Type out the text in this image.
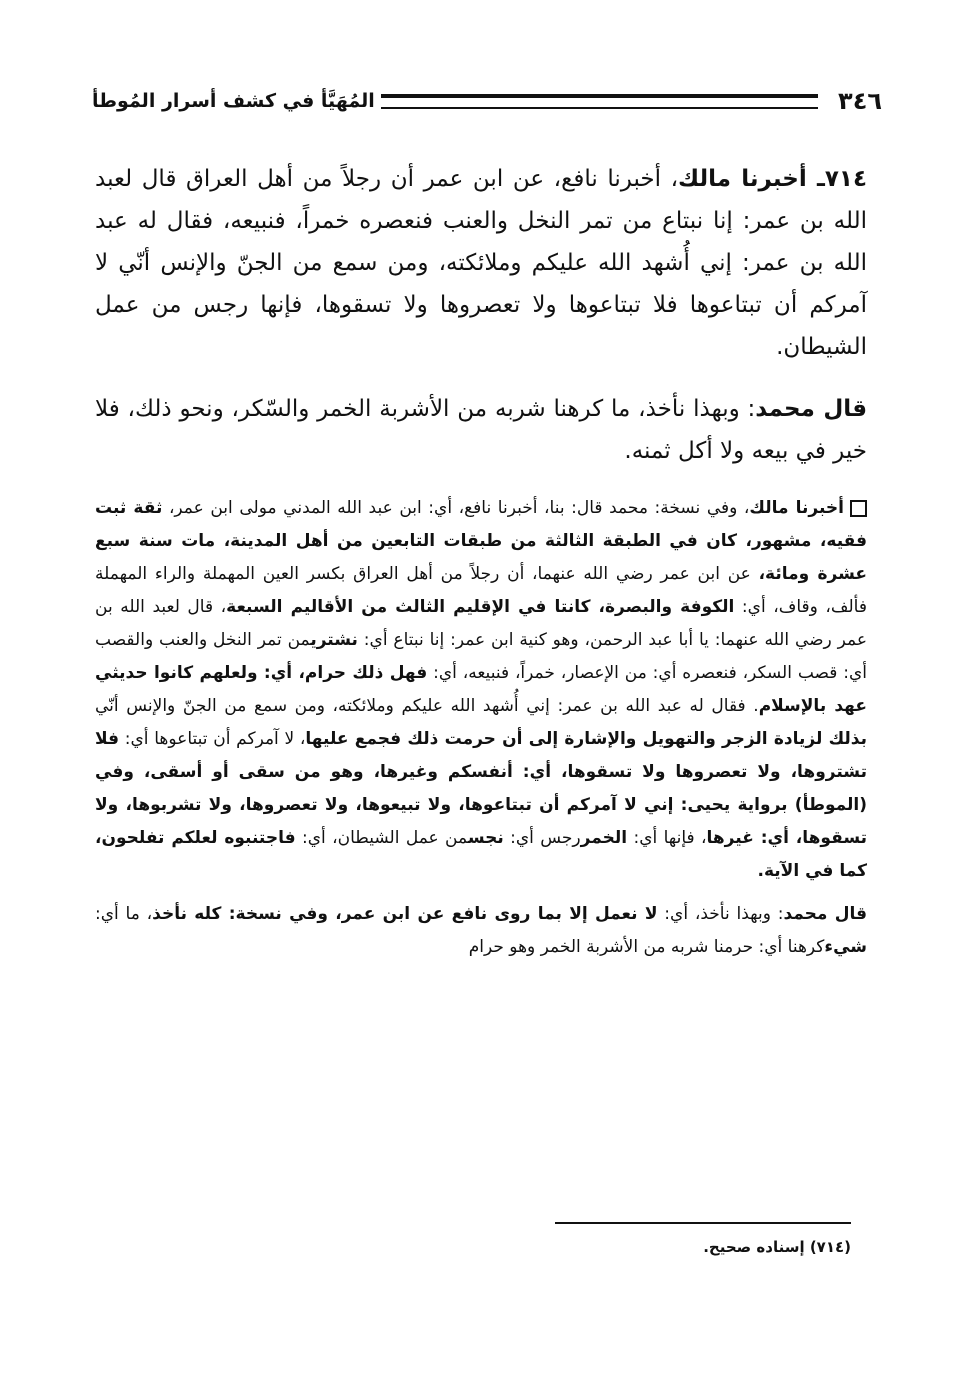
٣٤٦
المُهَيَّأ في كشف أسرار المُوطأ

٧١٤ـ أخبرنا مالك، أخبرنا نافع، عن ابن عمر أن رجلاً من أهل العراق قال لعبد الله بن عمر: إنا نبتاع من تمر النخل والعنب فنعصره خمراً، فنبيعه، فقال له عبد الله بن عمر: إني أُشهد الله عليكم وملائكته، ومن سمع من الجنّ والإنس أنّي لا آمركم أن تبتاعوها فلا تبتاعوها ولا تعصروها ولا تسقوها، فإنها رجس من عمل الشيطان.

قال محمد: وبهذا نأخذ، ما كرهنا شربه من الأشربة الخمر والسّكر، ونحو ذلك، فلا خير في بيعه ولا أكل ثمنه.

أخبرنا مالك، وفي نسخة: محمد قال: بنا، أخبرنا نافع، أي: ابن عبد الله المدني مولى ابن عمر، ثقة ثبت فقيه، مشهور، كان في الطبقة الثالثة من طبقات التابعين من أهل المدينة، مات سنة سبع عشرة ومائة، عن ابن عمر رضي الله عنهما، أن رجلاً من أهل العراق بكسر العين المهملة والراء المهملة فألف، وقاف، أي: الكوفة والبصرة، كانتا في الإقليم الثالث من الأقاليم السبعة، قال لعبد الله بن عمر رضي الله عنهما: يا أبا عبد الرحمن، وهو كنية ابن عمر: إنا نبتاع أي: نشتريمن تمر النخل والعنب والقصب أي: قصب السكر، فنعصره أي: من الإعصار، خمراً، فنبيعه، أي: فهل ذلك حرام، أي: ولعلهم كانوا حديثي عهد بالإسلام. فقال له عبد الله بن عمر: إني أُشهد الله عليكم وملائكته، ومن سمع من الجنّ والإنس أنّي بذلك لزيادة الزجر والتهويل والإشارة إلى أن حرمت ذلك فجمع عليها، لا آمركم أن تبتاعوها أي: فلا تشتروها، ولا تعصروها ولا تسقوها، أي: أنفسكم وغيرها، وهو من سقى أو أسقى، وفي (الموطأ) برواية يحيى: إني لا آمركم أن تبتاعوها، ولا تبيعوها، ولا تعصروها، ولا تشربوها، ولا تسقوها، أي: غيرها، فإنها أي: الخمررجس أي: نجسمن عمل الشيطان، أي: فاجتنبوه لعلكم تفلحون، كما في الآية.

قال محمد: وبهذا نأخذ، أي: لا نعمل إلا بما روى نافع عن ابن عمر، وفي نسخة: كله نأخذ، ما أي: شيءكرهنا أي: حرمنا شربه من الأشربة الخمر وهو حرام

(٧١٤) إسناده صحيح.
